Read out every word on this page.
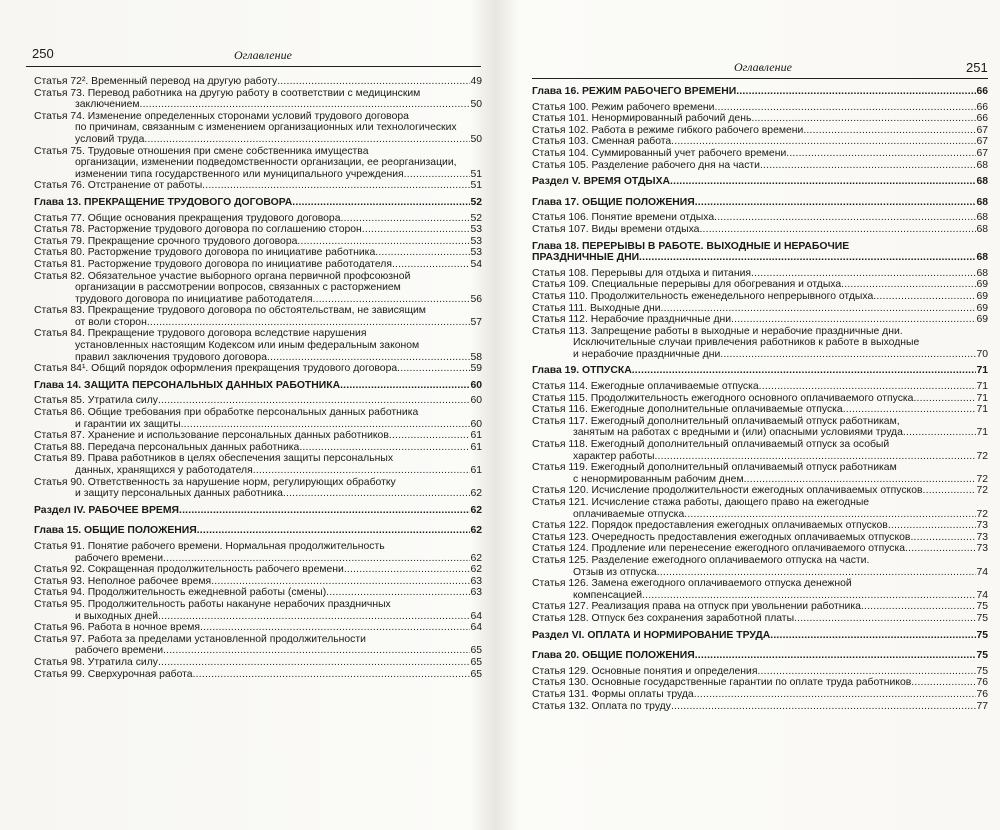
250	Оглавление
Статья 72². Временный перевод на другую работу .....	49
Статья 73. Перевод работника на другую работу в соответствии с медицинским
заключением .....	50
Статья 74. Изменение определенных сторонами условий трудового договора
по причинам, связанным с изменением организационных или технологических
условий труда .....	50
Статья 75. Трудовые отношения при смене собственника имущества
организации, изменении подведомственности организации, ее реорганизации,
изменении типа государственного или муниципального учреждения .....	51
Статья 76. Отстранение от работы .....	51
Глава 13. ПРЕКРАЩЕНИЕ ТРУДОВОГО ДОГОВОРА .....	52
Статья 77. Общие основания прекращения трудового договора .....	52
Статья 78. Расторжение трудового договора по соглашению сторон .....	53
Статья 79. Прекращение срочного трудового договора .....	53
Статья 80. Расторжение трудового договора по инициативе работника .....	53
Статья 81. Расторжение трудового договора по инициативе работодателя .....	54
Статья 82. Обязательное участие выборного органа первичной профсоюзной
организации в рассмотрении вопросов, связанных с расторжением
трудового договора по инициативе работодателя .....	56
Статья 83. Прекращение трудового договора по обстоятельствам, не зависящим
от воли сторон .....	57
Статья 84. Прекращение трудового договора вследствие нарушения
установленных настоящим Кодексом или иным федеральным законом
правил заключения трудового договора .....	58
Статья 84¹. Общий порядок оформления прекращения трудового договора .....	59
Глава 14. ЗАЩИТА ПЕРСОНАЛЬНЫХ ДАННЫХ РАБОТНИКА .....	60
Статья 85. Утратила силу .....	60
Статья 86. Общие требования при обработке персональных данных работника
и гарантии их защиты .....	60
Статья 87. Хранение и использование персональных данных работников .....	61
Статья 88. Передача персональных данных работника .....	61
Статья 89. Права работников в целях обеспечения защиты персональных
данных, хранящихся у работодателя .....	61
Статья 90. Ответственность за нарушение норм, регулирующих обработку
и защиту персональных данных работника .....	62
Раздел IV. РАБОЧЕЕ ВРЕМЯ .....	62
Глава 15. ОБЩИЕ ПОЛОЖЕНИЯ .....	62
Статья 91. Понятие рабочего времени. Нормальная продолжительность
рабочего времени .....	62
Статья 92. Сокращенная продолжительность рабочего времени .....	62
Статья 93. Неполное рабочее время .....	63
Статья 94. Продолжительность ежедневной работы (смены) .....	63
Статья 95. Продолжительность работы накануне нерабочих праздничных
и выходных дней .....	64
Статья 96. Работа в ночное время .....	64
Статья 97. Работа за пределами установленной продолжительности
рабочего времени .....	65
Статья 98. Утратила силу .....	65
Статья 99. Сверхурочная работа .....	65
Оглавление	251
Глава 16. РЕЖИМ РАБОЧЕГО ВРЕМЕНИ .....	66
Статья 100. Режим рабочего времени .....	66
Статья 101. Ненормированный рабочий день .....	66
Статья 102. Работа в режиме гибкого рабочего времени .....	67
Статья 103. Сменная работа .....	67
Статья 104. Суммированный учет рабочего времени .....	67
Статья 105. Разделение рабочего дня на части .....	68
Раздел V. ВРЕМЯ ОТДЫХА .....	68
Глава 17. ОБЩИЕ ПОЛОЖЕНИЯ .....	68
Статья 106. Понятие времени отдыха .....	68
Статья 107. Виды времени отдыха .....	68
Глава 18. ПЕРЕРЫВЫ В РАБОТЕ. ВЫХОДНЫЕ И НЕРАБОЧИЕ
ПРАЗДНИЧНЫЕ ДНИ .....	68
Статья 108. Перерывы для отдыха и питания .....	68
Статья 109. Специальные перерывы для обогревания и отдыха .....	69
Статья 110. Продолжительность еженедельного непрерывного отдыха .....	69
Статья 111. Выходные дни .....	69
Статья 112. Нерабочие праздничные дни .....	69
Статья 113. Запрещение работы в выходные и нерабочие праздничные дни.
Исключительные случаи привлечения работников к работе в выходные
и нерабочие праздничные дни .....	70
Глава 19. ОТПУСКА .....	71
Статья 114. Ежегодные оплачиваемые отпуска .....	71
Статья 115. Продолжительность ежегодного основного оплачиваемого отпуска .....	71
Статья 116. Ежегодные дополнительные оплачиваемые отпуска .....	71
Статья 117. Ежегодный дополнительный оплачиваемый отпуск работникам,
занятым на работах с вредными и (или) опасными условиями труда .....	71
Статья 118. Ежегодный дополнительный оплачиваемый отпуск за особый
характер работы .....	72
Статья 119. Ежегодный дополнительный оплачиваемый отпуск работникам
с ненормированным рабочим днем .....	72
Статья 120. Исчисление продолжительности ежегодных оплачиваемых отпусков .....	72
Статья 121. Исчисление стажа работы, дающего право на ежегодные
оплачиваемые отпуска .....	72
Статья 122. Порядок предоставления ежегодных оплачиваемых отпусков .....	73
Статья 123. Очередность предоставления ежегодных оплачиваемых отпусков .....	73
Статья 124. Продление или перенесение ежегодного оплачиваемого отпуска .....	73
Статья 125. Разделение ежегодного оплачиваемого отпуска на части.
Отзыв из отпуска .....	74
Статья 126. Замена ежегодного оплачиваемого отпуска денежной
компенсацией .....	74
Статья 127. Реализация права на отпуск при увольнении работника .....	75
Статья 128. Отпуск без сохранения заработной платы .....	75
Раздел VI. ОПЛАТА И НОРМИРОВАНИЕ ТРУДА .....	75
Глава 20. ОБЩИЕ ПОЛОЖЕНИЯ .....	75
Статья 129. Основные понятия и определения .....	75
Статья 130. Основные государственные гарантии по оплате труда работников .....	76
Статья 131. Формы оплаты труда .....	76
Статья 132. Оплата по труду .....	77
